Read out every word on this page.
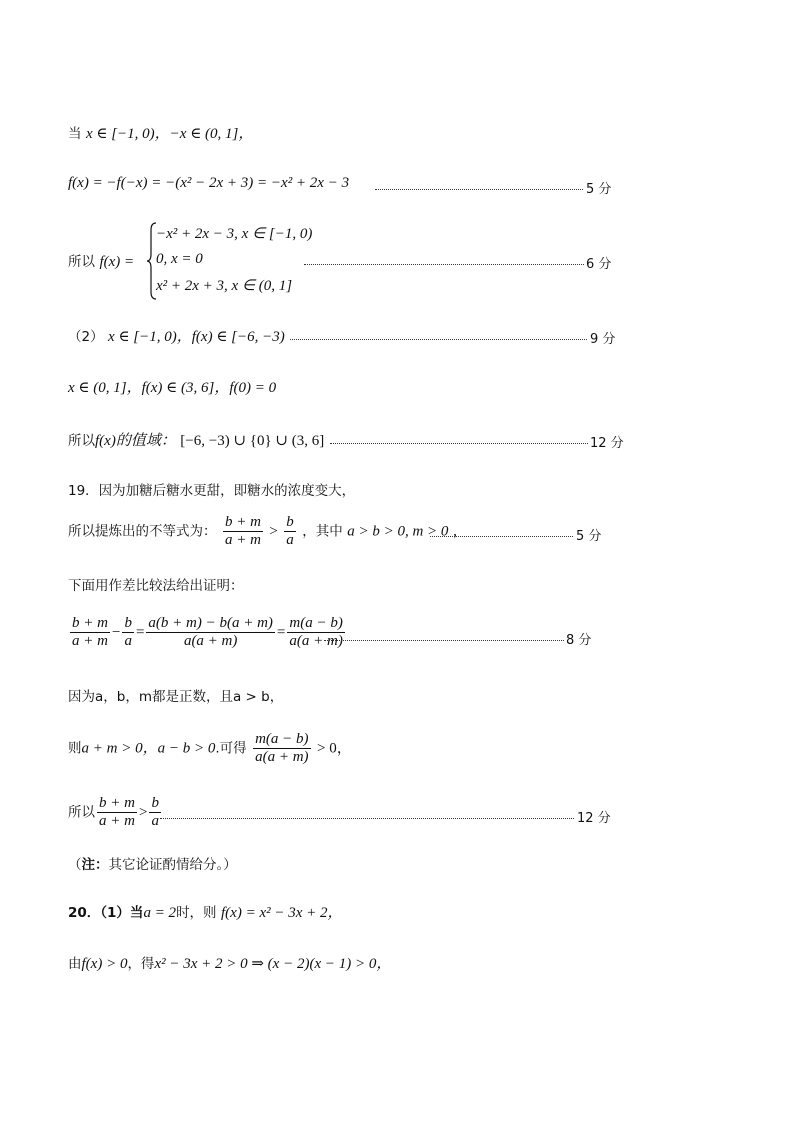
当 x ∈ [−1, 0)，−x ∈ (0, 1]，
f(x) = −f(−x) = −(x² − 2x + 3) = −x² + 2x − 3	5 分
所以 f(x) =
−x² + 2x − 3, x ∈ [−1, 0)
0, x = 0
x² + 2x + 3, x ∈ (0, 1]
6 分
（2） x ∈ [−1, 0)，f(x) ∈ [−6, −3)	9 分
x ∈ (0, 1]，f(x) ∈ (3, 6]，f(0) = 0
所以f(x)的值域： [−6, −3) ∪ {0} ∪ (3, 6]	12 分
19．因为加糖后糖水更甜，即糖水的浓度变大，
所以提炼出的不等式为： $\frac{b + m}{a + m} > \frac{b}{a}$ ，其中 a > b > 0, m > 0 ，	5 分
下面用作差比较法给出证明：
$\frac{b + m}{a + m} - \frac{b}{a} = \frac{a(b + m) - b(a + m)}{a(a + m)} = \frac{m(a - b)}{a(a + m)}$	8 分
因为a，b，m都是正数，且a > b，
则a + m > 0，a − b > 0.可得 $\frac{m(a - b)}{a(a + m)} > 0$，
所以 $\frac{b + m}{a + m} > \frac{b}{a}$	12 分
（注：其它论证酌情给分。）
20．（1）当a = 2时，则 f(x) = x² − 3x + 2，
由f(x) > 0，得x² − 3x + 2 > 0 ⇒ (x − 2)(x − 1) > 0，
